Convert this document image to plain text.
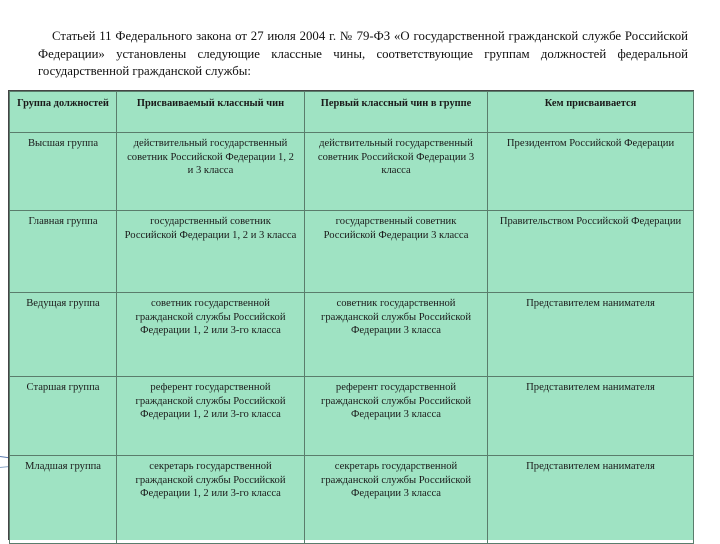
Статьей 11 Федерального закона от 27 июля 2004 г. № 79-ФЗ «О государственной гражданской службе Российской Федерации» установлены следующие классные чины, соответствующие группам должностей федеральной государственной гражданской службы:
Группа должностей	Присваиваемый классный чин	Первый классный чин в группе	Кем присваивается
Высшая группа	действительный государственный советник Российской Федерации 1, 2 и 3 класса	действительный государственный советник Российской Федерации 3 класса	Президентом Российской Федерации
Главная группа	государственный советник Российской Федерации 1, 2 и 3 класса	государственный советник Российской Федерации 3 класса	Правительством Российской Федерации
Ведущая группа	советник государственной гражданской службы Российской Федерации 1, 2 или 3-го класса	советник государственной гражданской службы Российской Федерации 3 класса	Представителем нанимателя
Старшая группа	референт государственной гражданской службы Российской Федерации 1, 2 или 3-го класса	референт государственной гражданской службы Российской Федерации 3 класса	Представителем нанимателя
Младшая группа	секретарь государственной гражданской службы Российской Федерации 1, 2 или 3-го класса	секретарь государственной гражданской службы Российской Федерации 3 класса	Представителем нанимателя
